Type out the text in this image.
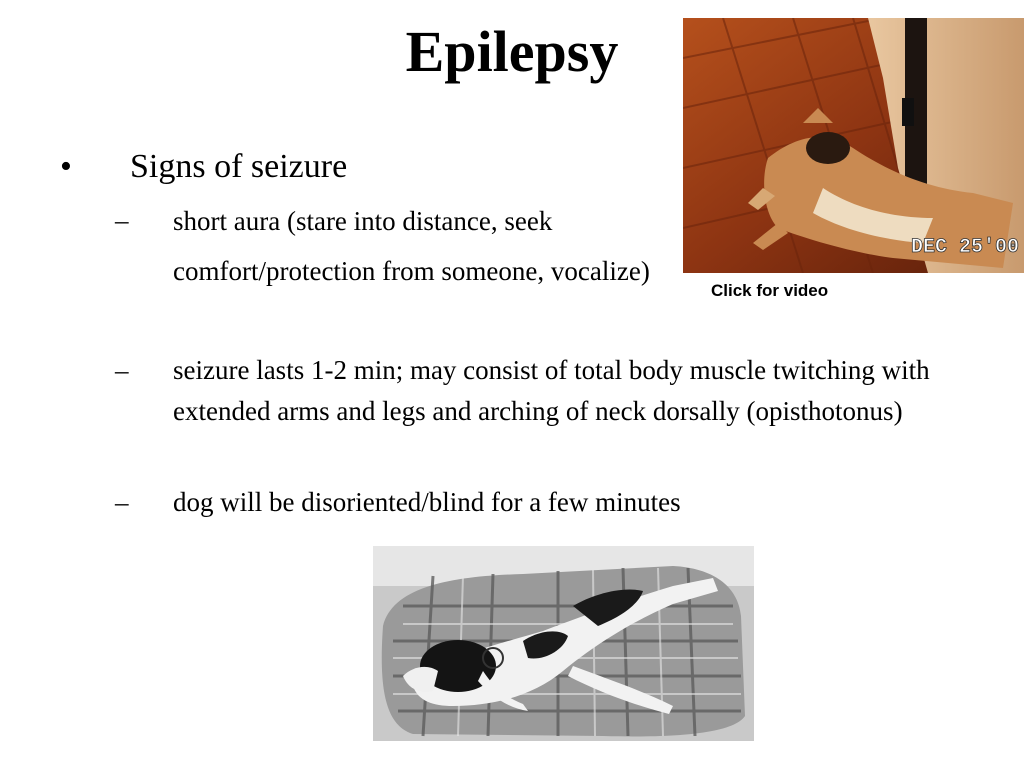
Epilepsy
• Signs of seizure
– short aura (stare into distance, seek comfort/protection from someone, vocalize)
– seizure lasts 1-2 min; may consist of total body muscle twitching with extended arms and legs and arching of neck dorsally (opisthotonus)
– dog will be disoriented/blind for a few minutes
DEC 25'00
Click for video
